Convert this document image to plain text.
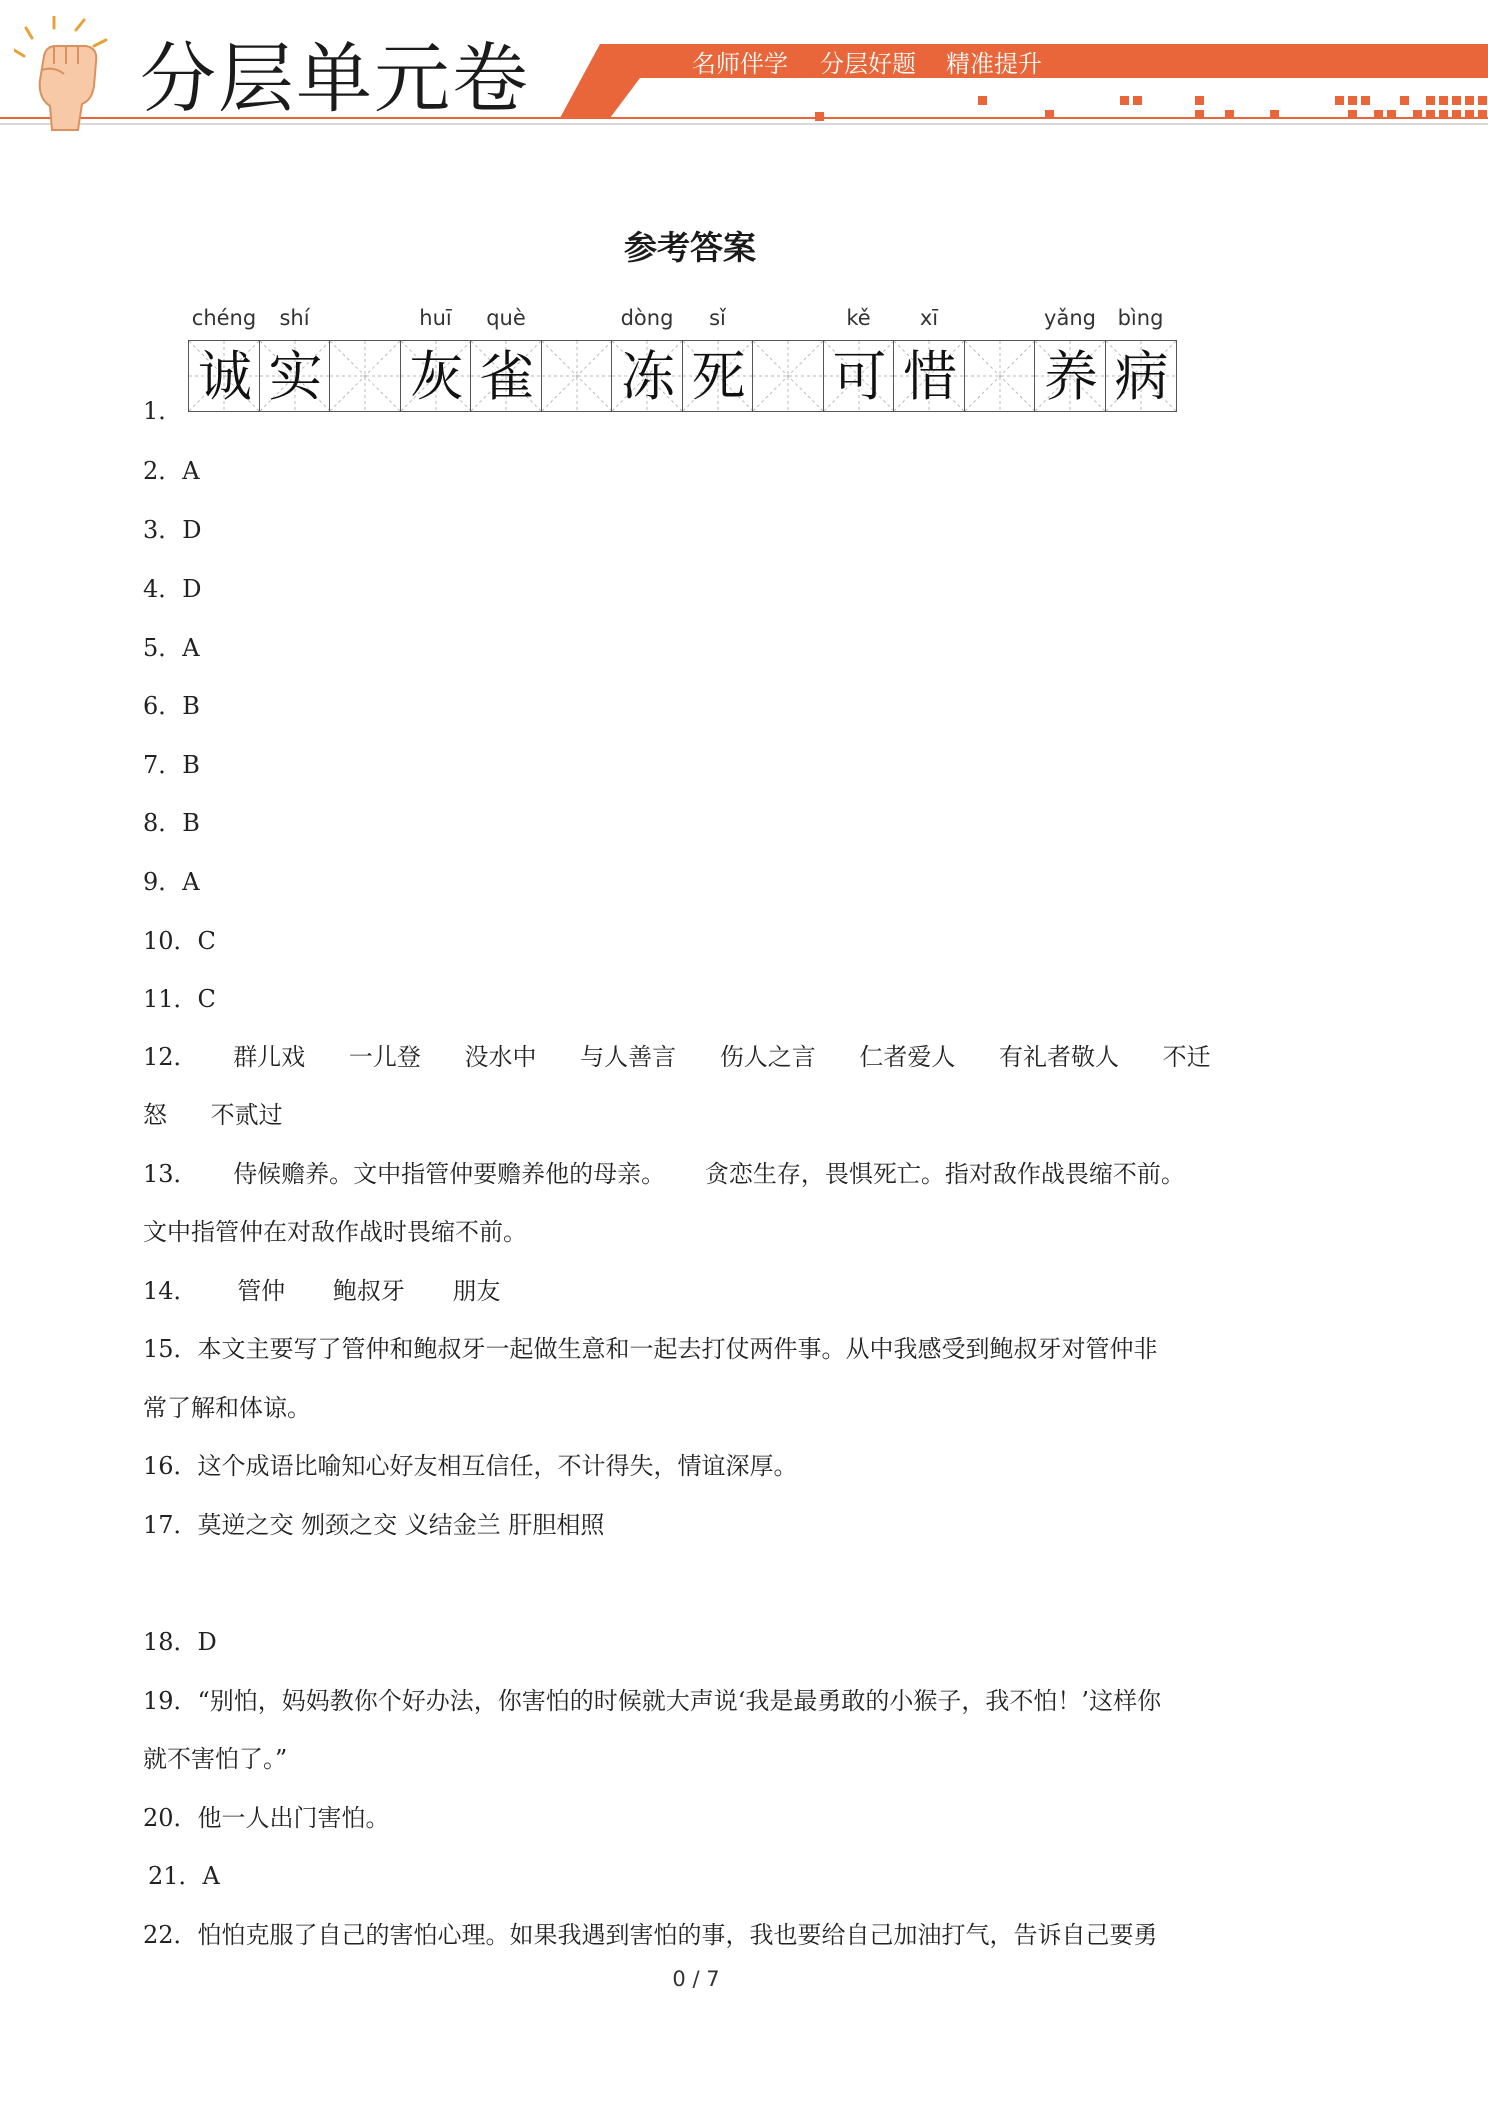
分层单元卷	名师伴学 分层好题 精准提升
参考答案
1．
chéng
诚
shí
实
huī
灰
què
雀
dòng
冻
sǐ
死
kě
可
xī
惜
yǎng
养
bìng
病
2．A
3．D
4．D
5．A
6．B
7．B
8．B
9．A
10．C
11．C
12． 群儿戏 一儿登 没水中 与人善言 伤人之言 仁者爱人 有礼者敬人 不迁
怒 不贰过
13． 侍候赡养。文中指管仲要赡养他的母亲。 贪恋生存，畏惧死亡。指对敌作战畏缩不前。
文中指管仲在对敌作战时畏缩不前。
14． 管仲 鲍叔牙 朋友
15．本文主要写了管仲和鲍叔牙一起做生意和一起去打仗两件事。从中我感受到鲍叔牙对管仲非
常了解和体谅。
16．这个成语比喻知心好友相互信任，不计得失，情谊深厚。
17．莫逆之交 刎颈之交 义结金兰 肝胆相照
18．D
19．“别怕，妈妈教你个好办法，你害怕的时候就大声说‘我是最勇敢的小猴子，我不怕！’这样你
就不害怕了。”
20．他一人出门害怕。
21．A
22．怕怕克服了自己的害怕心理。如果我遇到害怕的事，我也要给自己加油打气，告诉自己要勇
0 / 7
